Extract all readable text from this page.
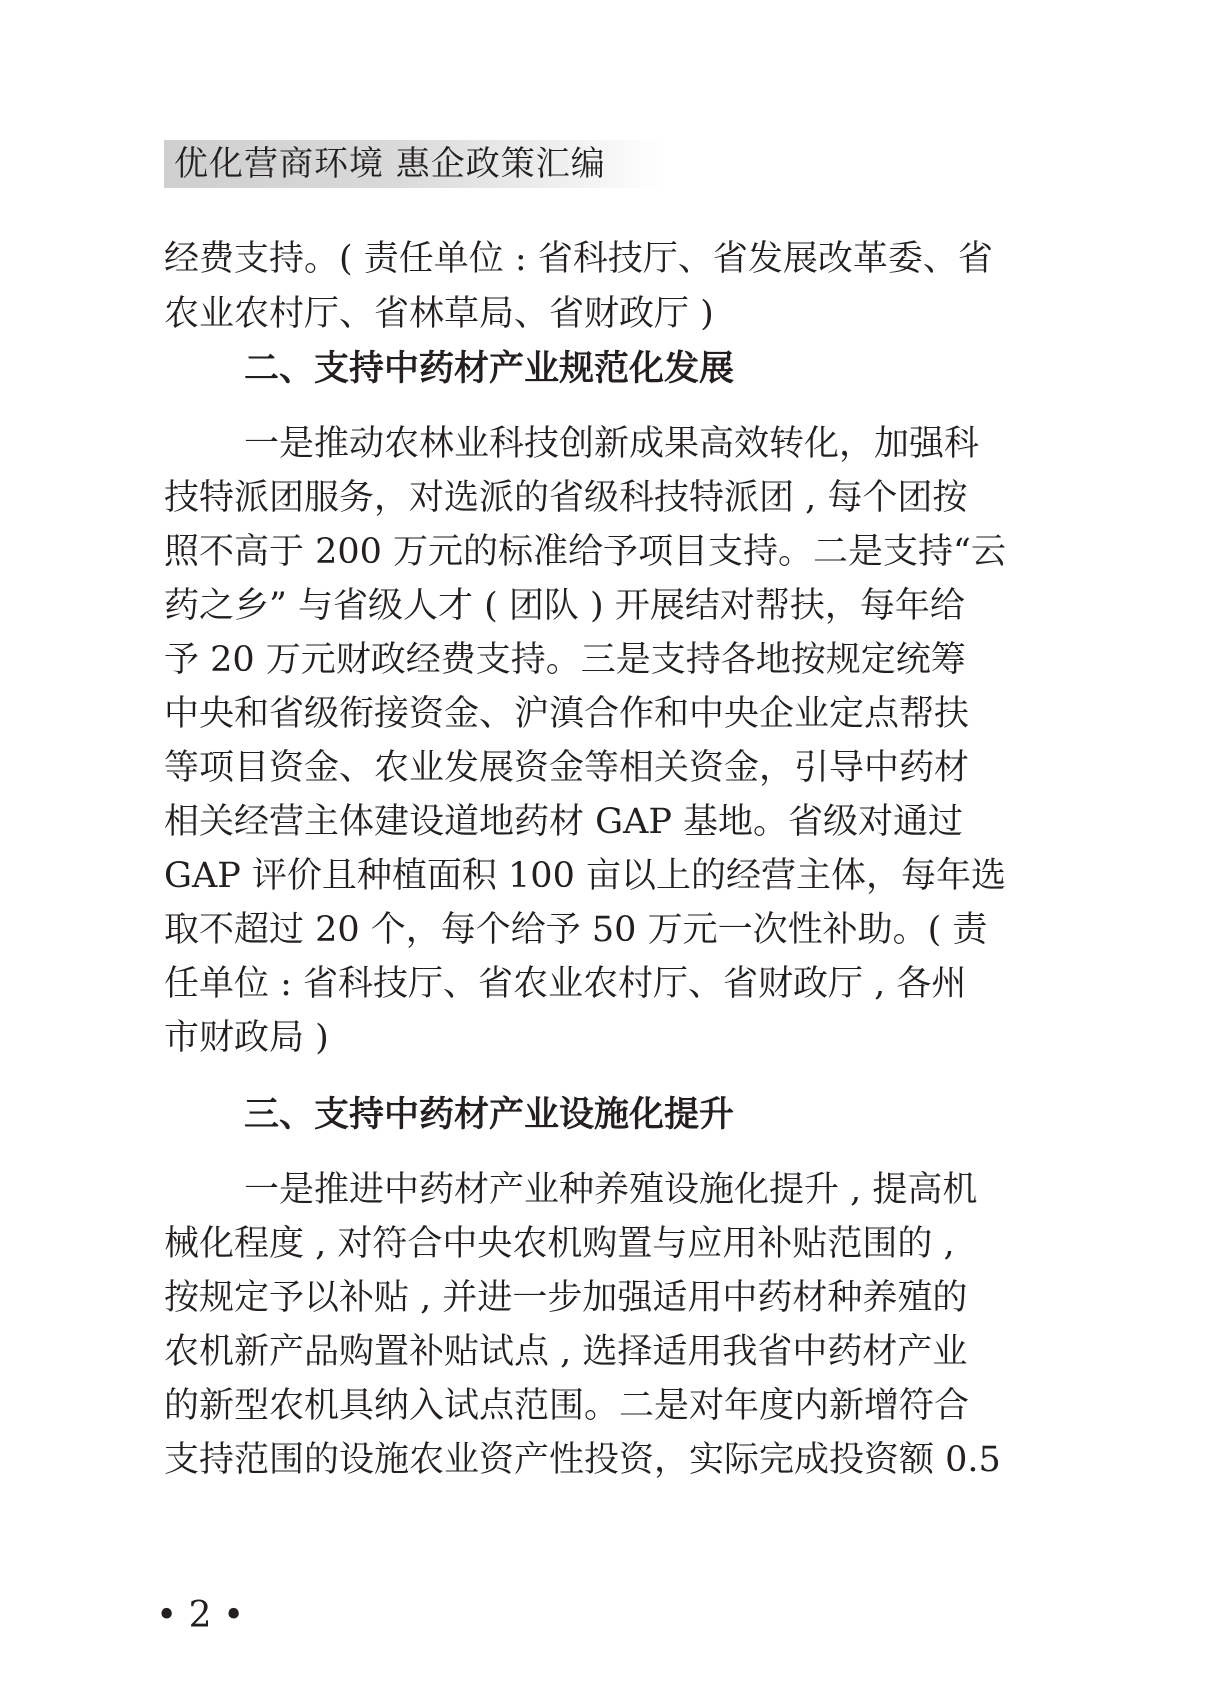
优化营商环境 惠企政策汇编
经费支持。( 责任单位 : 省科技厅、省发展改革委、省
农业农村厅、省林草局、省财政厅 )
二、支持中药材产业规范化发展
一是推动农林业科技创新成果高效转化，加强科
技特派团服务，对选派的省级科技特派团 , 每个团按
照不高于 200 万元的标准给予项目支持。二是支持“云
药之乡” 与省级人才 ( 团队 ) 开展结对帮扶，每年给
予 20 万元财政经费支持。三是支持各地按规定统筹
中央和省级衔接资金、沪滇合作和中央企业定点帮扶
等项目资金、农业发展资金等相关资金，引导中药材
相关经营主体建设道地药材 GAP 基地。省级对通过
GAP 评价且种植面积 100 亩以上的经营主体，每年选
取不超过 20 个，每个给予 50 万元一次性补助。( 责
任单位 : 省科技厅、省农业农村厅、省财政厅 , 各州
市财政局 )
三、支持中药材产业设施化提升
一是推进中药材产业种养殖设施化提升 , 提高机
械化程度 , 对符合中央农机购置与应用补贴范围的 ,
按规定予以补贴 , 并进一步加强适用中药材种养殖的
农机新产品购置补贴试点 , 选择适用我省中药材产业
的新型农机具纳入试点范围。二是对年度内新增符合
支持范围的设施农业资产性投资，实际完成投资额 0.5
• 2 •
